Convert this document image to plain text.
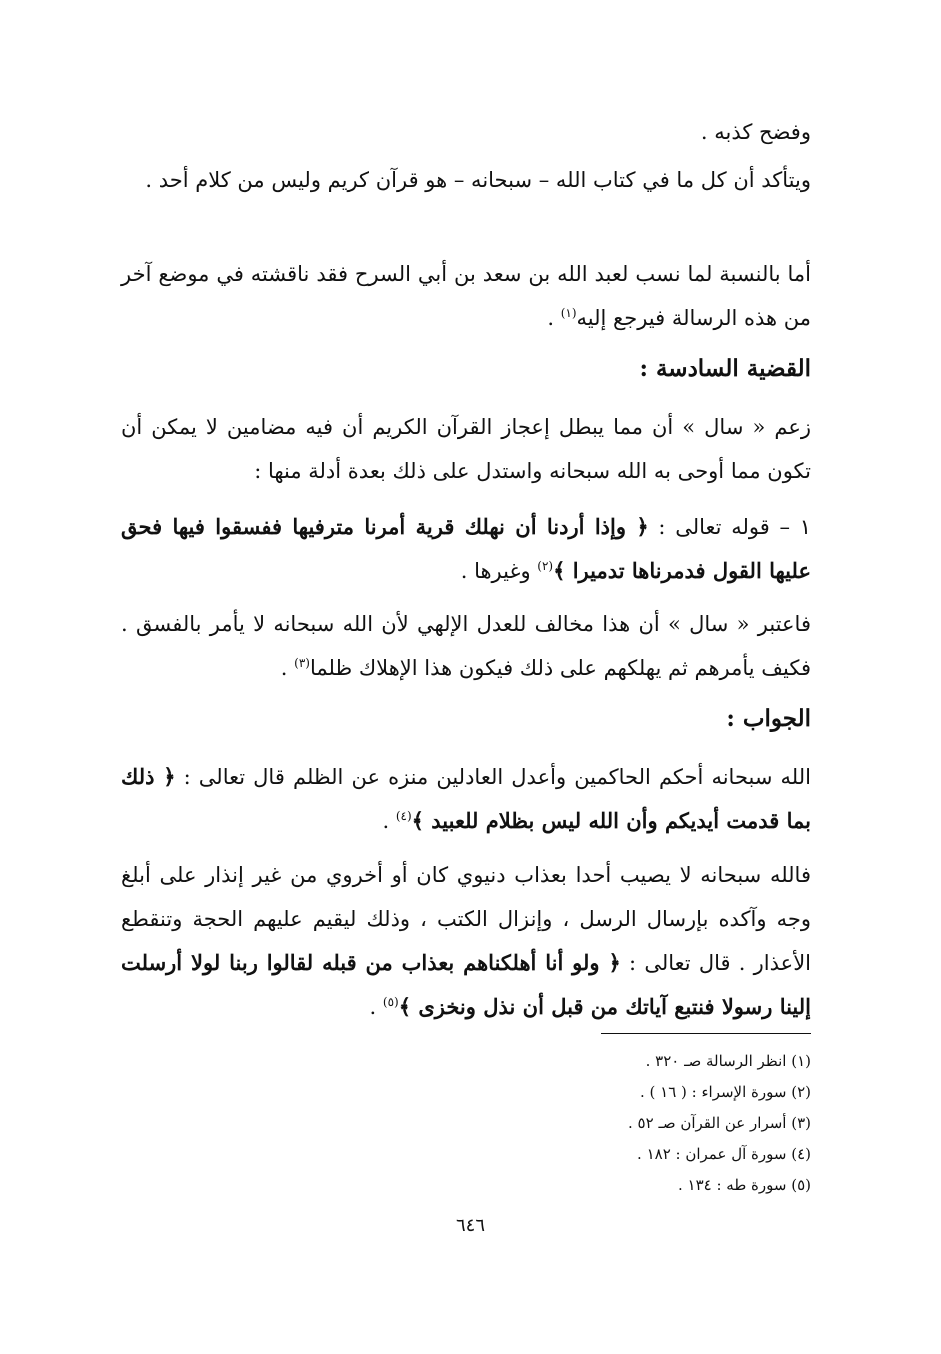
وفضح كذبه .
ويتأكد أن كل ما في كتاب الله – سبحانه – هو قرآن كريم وليس من كلام أحد .
أما بالنسبة لما نسب لعبد الله بن سعد بن أبي السرح فقد ناقشته في موضع آخر من هذه الرسالة فيرجع إليه$^{(١)}$ .
القضية السادسة :
زعم « سال » أن مما يبطل إعجاز القرآن الكريم أن فيه مضامين لا يمكن أن تكون مما أوحى به الله سبحانه واستدل على ذلك بعدة أدلة منها :
١ – قوله تعالى : ﴿ وإذا أردنا أن نهلك قرية أمرنا مترفيها ففسقوا فيها فحق عليها القول فدمرناها تدميرا ﴾$^{(٢)}$ وغيرها .
فاعتبر « سال » أن هذا مخالف للعدل الإلهي لأن الله سبحانه لا يأمر بالفسق . فكيف يأمرهم ثم يهلكهم على ذلك فيكون هذا الإهلاك ظلما$^{(٣)}$ .
الجواب :
الله سبحانه أحكم الحاكمين وأعدل العادلين منزه عن الظلم قال تعالى : ﴿ ذلك بما قدمت أيديكم وأن الله ليس بظلام للعبيد ﴾$^{(٤)}$ .
فالله سبحانه لا يصيب أحدا بعذاب دنيوي كان أو أخروي من غير إنذار على أبلغ وجه وآكده بإرسال الرسل ، وإنزال الكتب ، وذلك ليقيم عليهم الحجة وتنقطع الأعذار . قال تعالى : ﴿ ولو أنا أهلكناهم بعذاب من قبله لقالوا ربنا لولا أرسلت إلينا رسولا فنتبع آياتك من قبل أن نذل ونخزى ﴾$^{(٥)}$ .
(١) انظر الرسالة صـ ٣٢٠ .
(٢) سورة الإسراء : ( ١٦ ) .
(٣) أسرار عن القرآن صـ ٥٢ .
(٤) سورة آل عمران : ١٨٢ .
(٥) سورة طه : ١٣٤ .
٦٤٦
